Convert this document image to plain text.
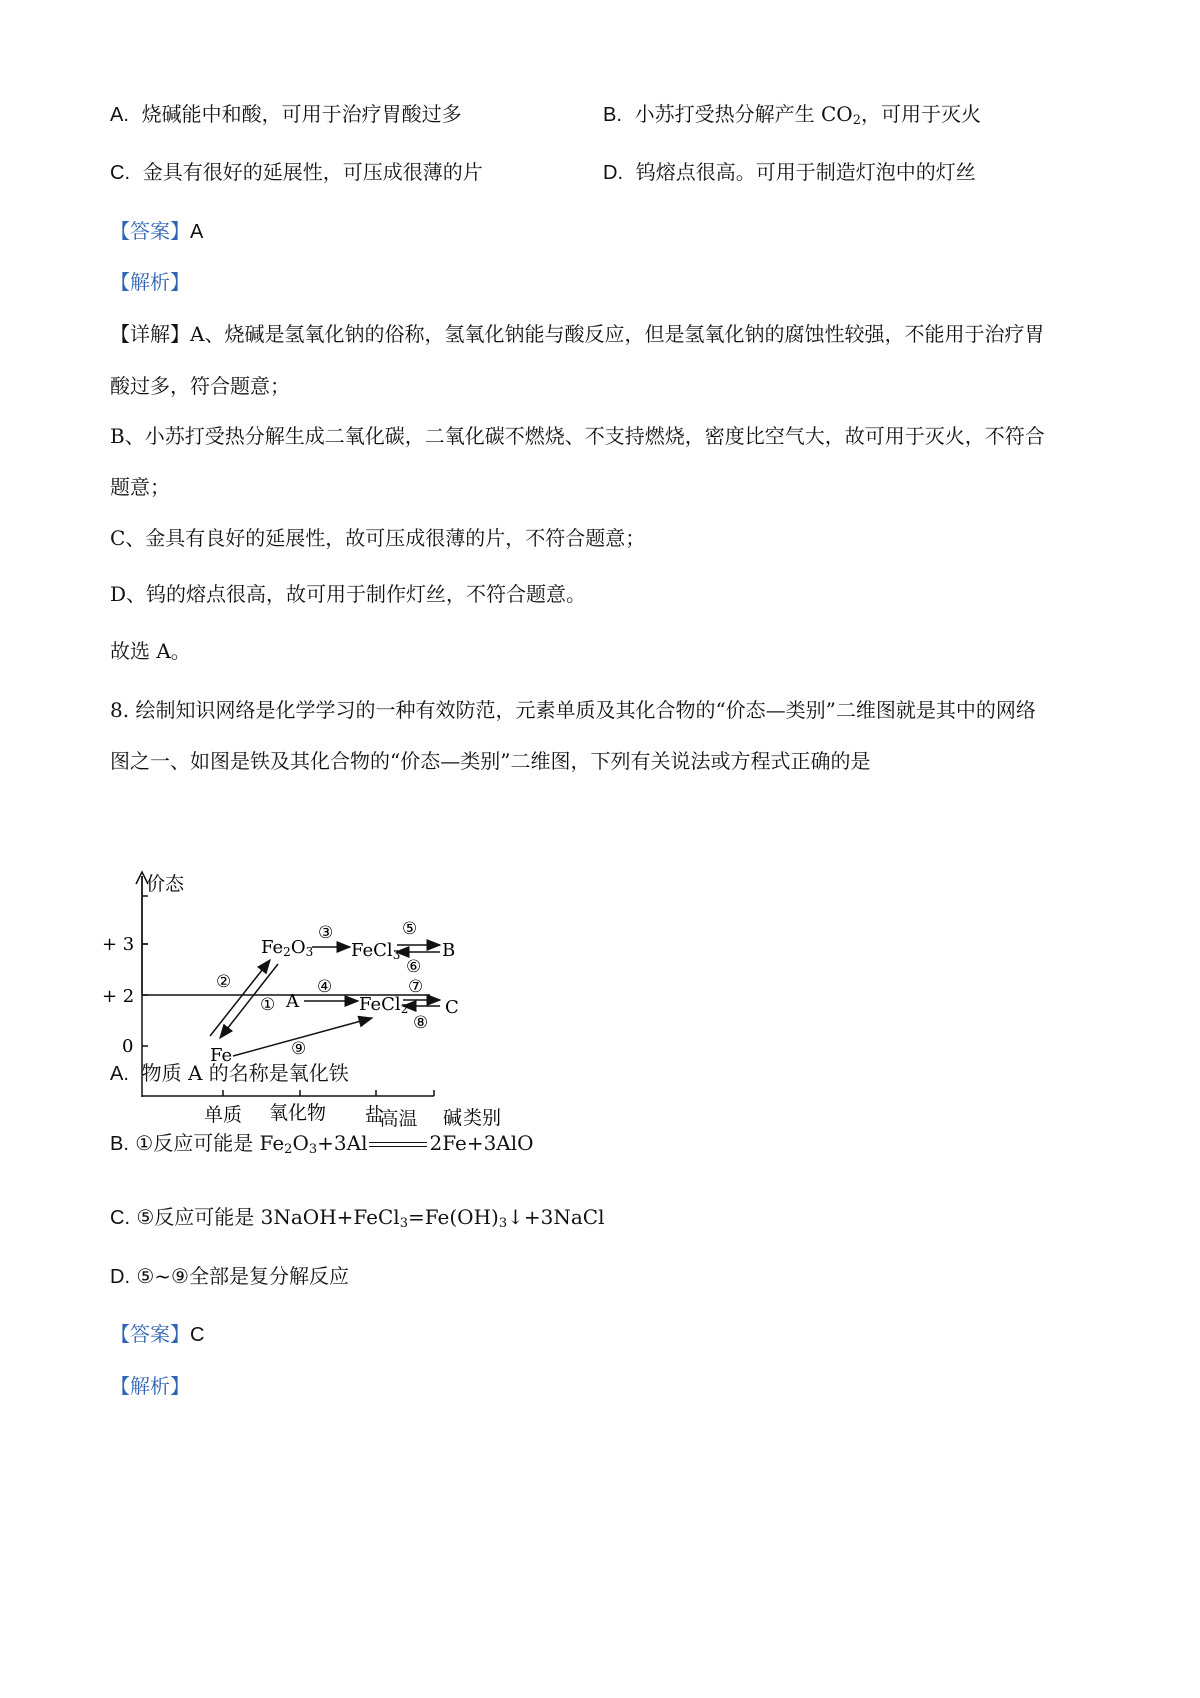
A. 烧碱能中和酸，可用于治疗胃酸过多	B. 小苏打受热分解产生 $CO_2$，可用于灭火
C. 金具有很好的延展性，可压成很薄的片	D. 钨熔点很高。可用于制造灯泡中的灯丝
【答案】A
【解析】
【详解】A、烧碱是氢氧化钠的俗称，氢氧化钠能与酸反应，但是氢氧化钠的腐蚀性较强，不能用于治疗胃
酸过多，符合题意；
B、小苏打受热分解生成二氧化碳，二氧化碳不燃烧、不支持燃烧，密度比空气大，故可用于灭火，不符合
题意；
C、金具有良好的延展性，故可压成很薄的片，不符合题意；
D、钨的熔点很高，故可用于制作灯丝，不符合题意。
故选 A。
8. 绘制知识网络是化学学习的一种有效防范，元素单质及其化合物的“价态—类别”二维图就是其中的网络
图之一、如图是铁及其化合物的“价态—类别”二维图，下列有关说法或方程式正确的是
价态
+ 3
+ 2
0
Fe2O3 FeCl3 B
A	FeCl2 C
Fe
③	⑤
⑥
②
①
④	⑦
⑧
⑨
单质 氧化物 盐	碱 类别
A. 物质 A 的名称是氧化铁
B. ①反应可能是 $Fe_2O_3+3Al$
高温
2Fe+3AlO
C. ⑤反应可能是 $3NaOH+FeCl_3=Fe(OH)_3↓+3NaCl$
D. ⑤~⑨全部是复分解反应
【答案】C
【解析】
